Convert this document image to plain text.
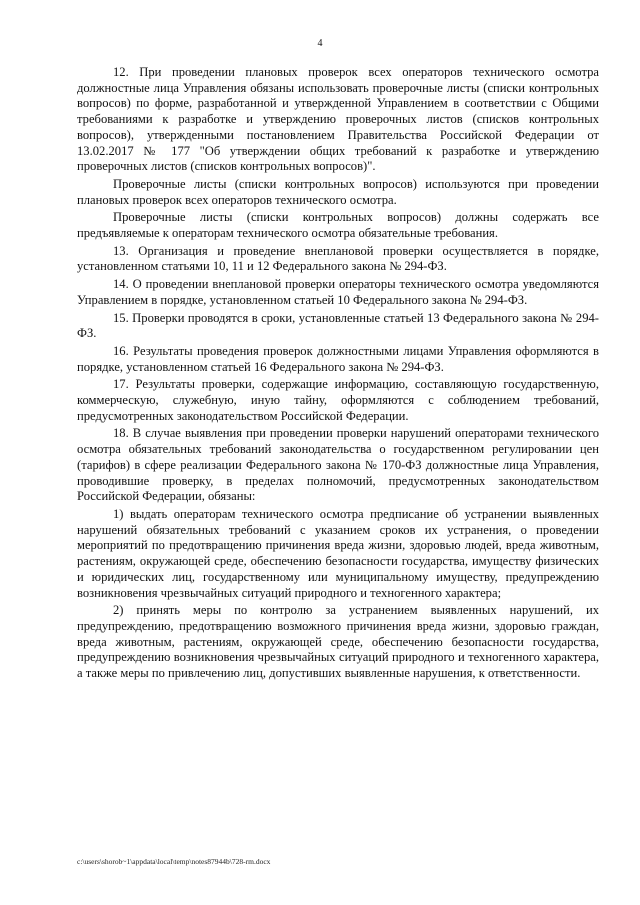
4

12. При проведении плановых проверок всех операторов технического осмотра должностные лица Управления обязаны использовать проверочные листы (списки контрольных вопросов) по форме, разработанной и утвержденной Управлением в соответствии с Общими требованиями к разработке и утверждению проверочных листов (списков контрольных вопросов), утвержденными постановлением Правительства Российской Федерации от 13.02.2017 № 177 "Об утверждении общих требований к разработке и утверждению проверочных листов (списков контрольных вопросов)".

Проверочные листы (списки контрольных вопросов) используются при проведении плановых проверок всех операторов технического осмотра.

Проверочные листы (списки контрольных вопросов) должны содержать все предъявляемые к операторам технического осмотра обязательные требования.

13. Организация и проведение внеплановой проверки осуществляется в порядке, установленном статьями 10, 11 и 12 Федерального закона № 294-ФЗ.

14. О проведении внеплановой проверки операторы технического осмотра уведомляются Управлением в порядке, установленном статьей 10 Федерального закона № 294-ФЗ.

15. Проверки проводятся в сроки, установленные статьей 13 Федерального закона № 294-ФЗ.

16. Результаты проведения проверок должностными лицами Управления оформляются в порядке, установленном статьей 16 Федерального закона № 294-ФЗ.

17. Результаты проверки, содержащие информацию, составляющую государственную, коммерческую, служебную, иную тайну, оформляются с соблюдением требований, предусмотренных законодательством Российской Федерации.

18. В случае выявления при проведении проверки нарушений операторами технического осмотра обязательных требований законодательства о государственном регулировании цен (тарифов) в сфере реализации Федерального закона № 170-ФЗ должностные лица Управления, проводившие проверку, в пределах полномочий, предусмотренных законодательством Российской Федерации, обязаны:

1) выдать операторам технического осмотра предписание об устранении выявленных нарушений обязательных требований с указанием сроков их устранения, о проведении мероприятий по предотвращению причинения вреда жизни, здоровью людей, вреда животным, растениям, окружающей среде, обеспечению безопасности государства, имуществу физических и юридических лиц, государственному или муниципальному имуществу, предупреждению возникновения чрезвычайных ситуаций природного и техногенного характера;

2) принять меры по контролю за устранением выявленных нарушений, их предупреждению, предотвращению возможного причинения вреда жизни, здоровью граждан, вреда животным, растениям, окружающей среде, обеспечению безопасности государства, предупреждению возникновения чрезвычайных ситуаций природного и техногенного характера, а также меры по привлечению лиц, допустивших выявленные нарушения, к ответственности.

c:\users\shorob~1\appdata\local\temp\notes87944b\728-rm.docx
